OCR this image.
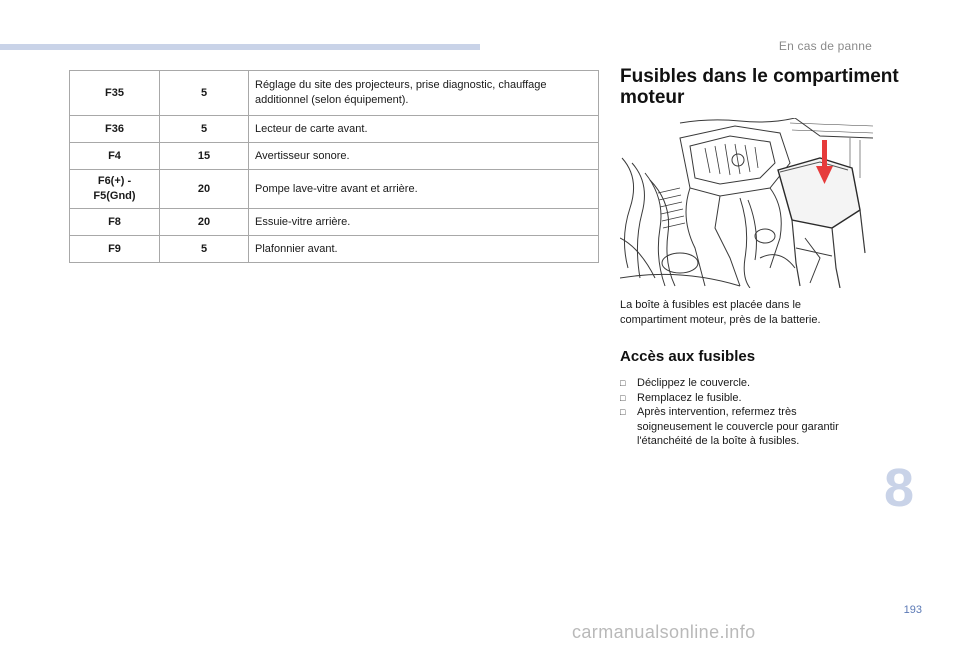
En cas de panne
F35	5	Réglage du site des projecteurs, prise diagnostic, chauffage additionnel (selon équipement).

F36	5	Lecteur de carte avant.

F4	15	Avertisseur sonore.

F6(+) -
F5(Gnd)	20	Pompe lave-vitre avant et arrière.

F8	20	Essuie-vitre arrière.

F9	5	Plafonnier avant.
Fusibles dans le compartiment moteur
La boîte à fusibles est placée dans le compartiment moteur, près de la batterie.
Accès aux fusibles
□	Déclippez le couvercle.
□	Remplacez le fusible.
□	Après intervention, refermez très soigneusement le couvercle pour garantir l'étanchéité de la boîte à fusibles.
8
193
carmanualsonline.info
